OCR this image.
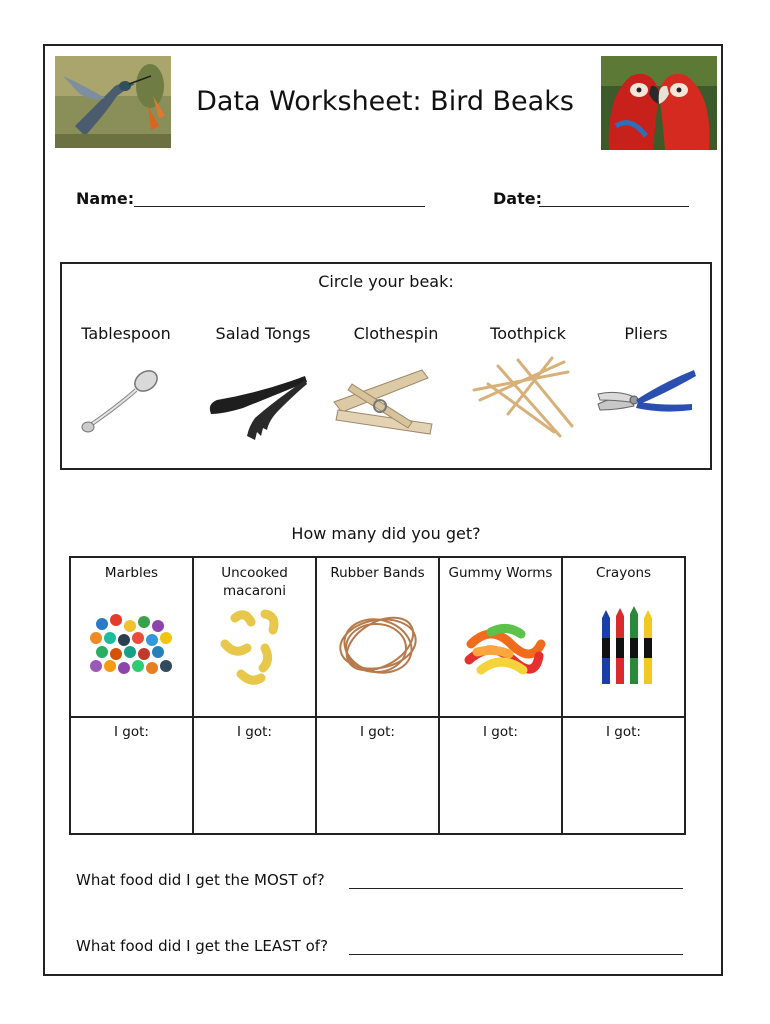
Data Worksheet: Bird Beaks
Name:	Date:
Circle your beak:
Tablespoon	Salad Tongs	Clothespin	Toothpick	Pliers
How many did you get?
Marbles	Uncooked macaroni	Rubber Bands	Gummy Worms	Crayons

I got:	I got:	I got:	I got:	I got:
What food did I get the MOST of?
What food did I get the LEAST of?
